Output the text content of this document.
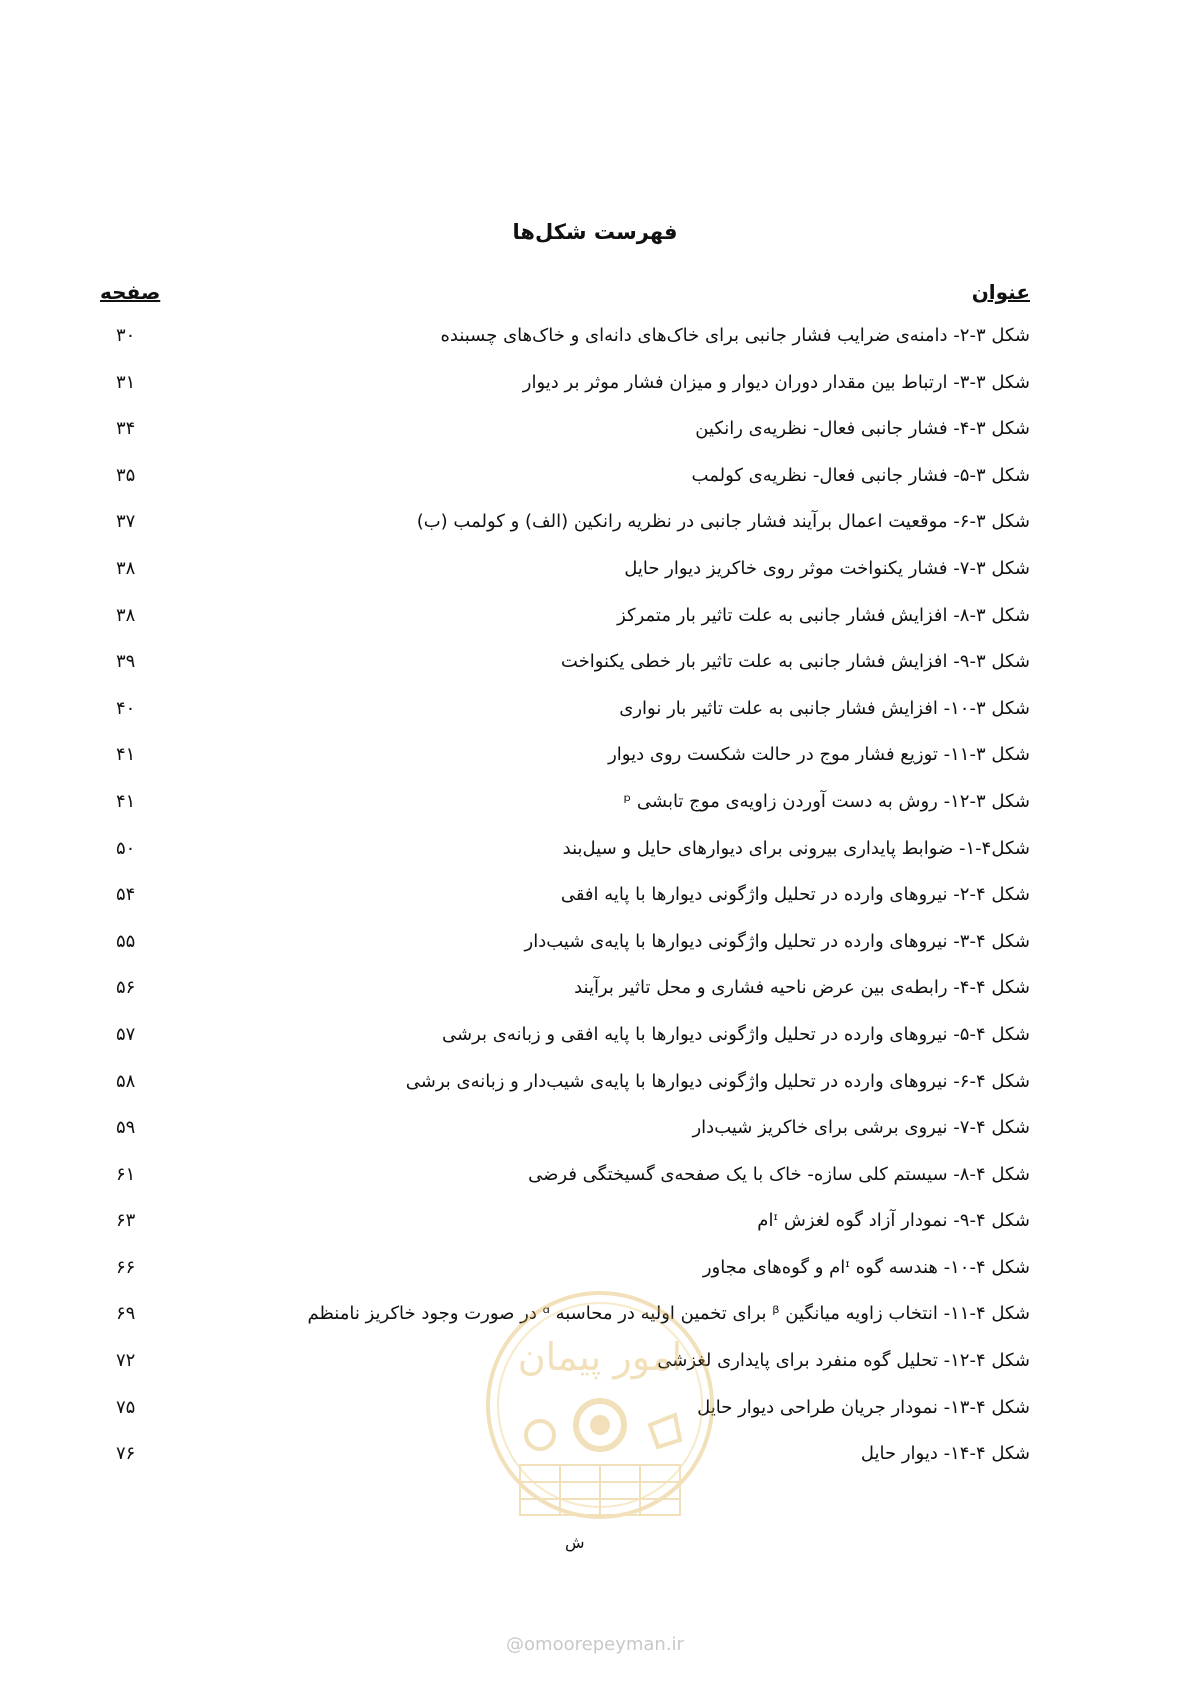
فهرست شکل‌ها
عنوان
صفحه
شکل ۳-۲- دامنه‌ی ضرایب فشار جانبی برای خاک‌های دانه‌ای و خاک‌های چسبنده
۳۰
شکل ۳-۳- ارتباط بین مقدار دوران دیوار و میزان فشار موثر بر دیوار
۳۱
شکل ۳-۴- فشار جانبی فعال- نظریه‌ی رانکین
۳۴
شکل ۳-۵- فشار جانبی فعال- نظریه‌ی کولمب
۳۵
شکل ۳-۶- موقعیت اعمال برآیند فشار جانبی در نظریه رانکین (الف) و کولمب (ب)
۳۷
شکل ۳-۷- فشار یکنواخت موثر روی خاکریز دیوار حایل
۳۸
شکل ۳-۸- افزایش فشار جانبی به علت تاثیر بار متمرکز
۳۸
شکل ۳-۹- افزایش فشار جانبی به علت تاثیر بار خطی یکنواخت
۳۹
شکل ۳-۱۰- افزایش فشار جانبی به علت تاثیر بار نواری
۴۰
شکل ۳-۱۱- توزیع فشار موج در حالت شکست روی دیوار
۴۱
شکل ۳-۱۲- روش به دست آوردن زاویه‌ی موج تابشی ᵖ
۴۱
شکل۴-۱- ضوابط پایداری بیرونی برای دیوارهای حایل و سیل‌بند
۵۰
شکل ۴-۲- نیروهای وارده در تحلیل واژگونی دیوارها با پایه افقی
۵۴
شکل ۴-۳- نیروهای وارده در تحلیل واژگونی دیوارها با پایه‌ی شیب‌دار
۵۵
شکل ۴-۴- رابطه‌ی بین عرض ناحیه فشاری و محل تاثیر برآیند
۵۶
شکل ۴-۵- نیروهای وارده در تحلیل واژگونی دیوارها با پایه افقی و زبانه‌ی برشی
۵۷
شکل ۴-۶- نیروهای وارده در تحلیل واژگونی دیوارها با پایه‌ی شیب‌دار و زبانه‌ی برشی
۵۸
شکل ۴-۷- نیروی برشی برای خاکریز شیب‌دار
۵۹
شکل ۴-۸- سیستم کلی سازه- خاک با یک صفحه‌ی گسیختگی فرضی
۶۱
شکل ۴-۹- نمودار آزاد گوه لغزش ᶦام
۶۳
شکل ۴-۱۰- هندسه گوه ᶦام و گوه‌های مجاور
۶۶
شکل ۴-۱۱- انتخاب زاویه میانگین ᵝ برای تخمین اولیه در محاسبه ᵅ در صورت وجود خاکریز نامنظم
۶۹
شکل ۴-۱۲- تحلیل گوه منفرد برای پایداری لغزشی
۷۲
شکل ۴-۱۳- نمودار جریان طراحی دیوار حایل
۷۵
شکل ۴-۱۴- دیوار حایل
۷۶
امور پیمان
ش
@omoorepeyman.ir
